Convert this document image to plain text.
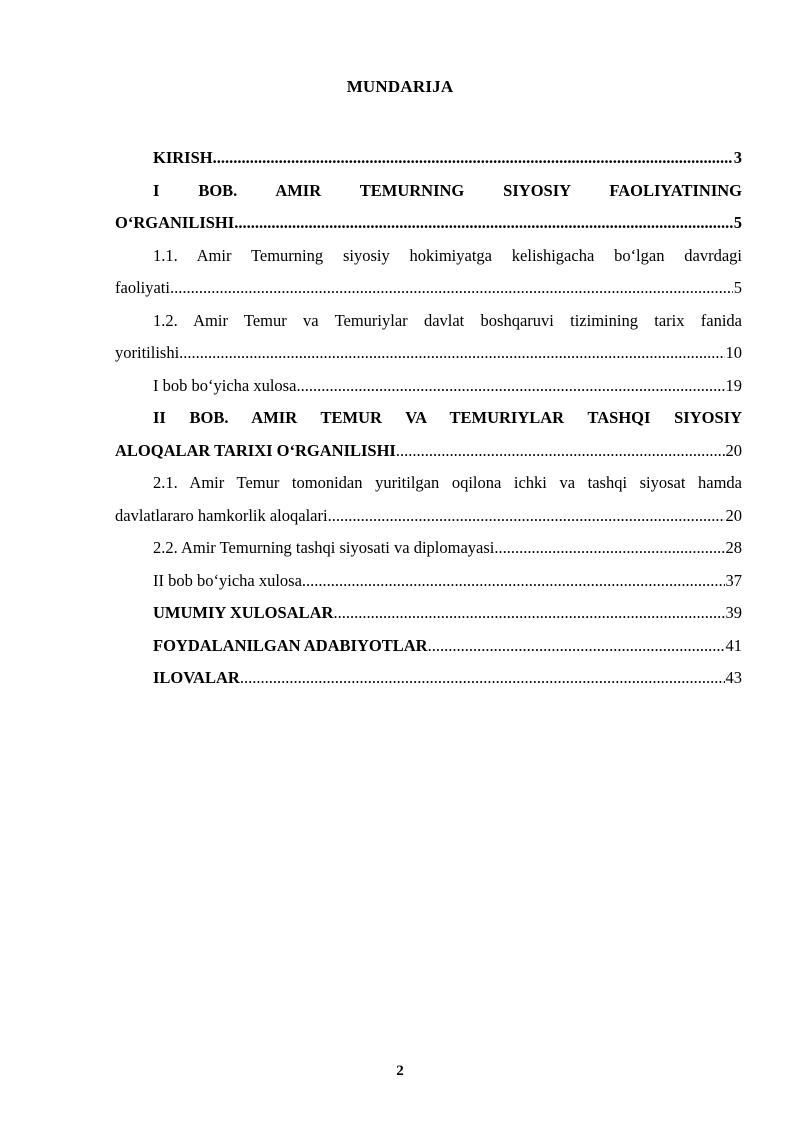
MUNDARIJA
KIRISH .....	3
I BOB. AMIR TEMURNING SIYOSIY FAOLIYATINING
O‘RGANILISHI .....	5
1.1. Amir Temurning siyosiy hokimiyatga kelishigacha bo‘lgan davrdagi
faoliyati .....	5
1.2. Amir Temur va Temuriylar davlat boshqaruvi tizimining tarix fanida
yoritilishi .....	10
I bob bo‘yicha xulosa .....	19
II BOB. AMIR TEMUR VA TEMURIYLAR TASHQI SIYOSIY
ALOQALAR TARIXI O‘RGANILISHI .....	20
2.1. Amir Temur tomonidan yuritilgan oqilona ichki va tashqi siyosat hamda
davlatlararo hamkorlik aloqalari .....	20
2.2. Amir Temurning tashqi siyosati va diplomayasi .....	28
II bob bo‘yicha xulosa .....	37
UMUMIY XULOSALAR .....	39
FOYDALANILGAN ADABIYOTLAR .....	41
ILOVALAR .....	43
2
